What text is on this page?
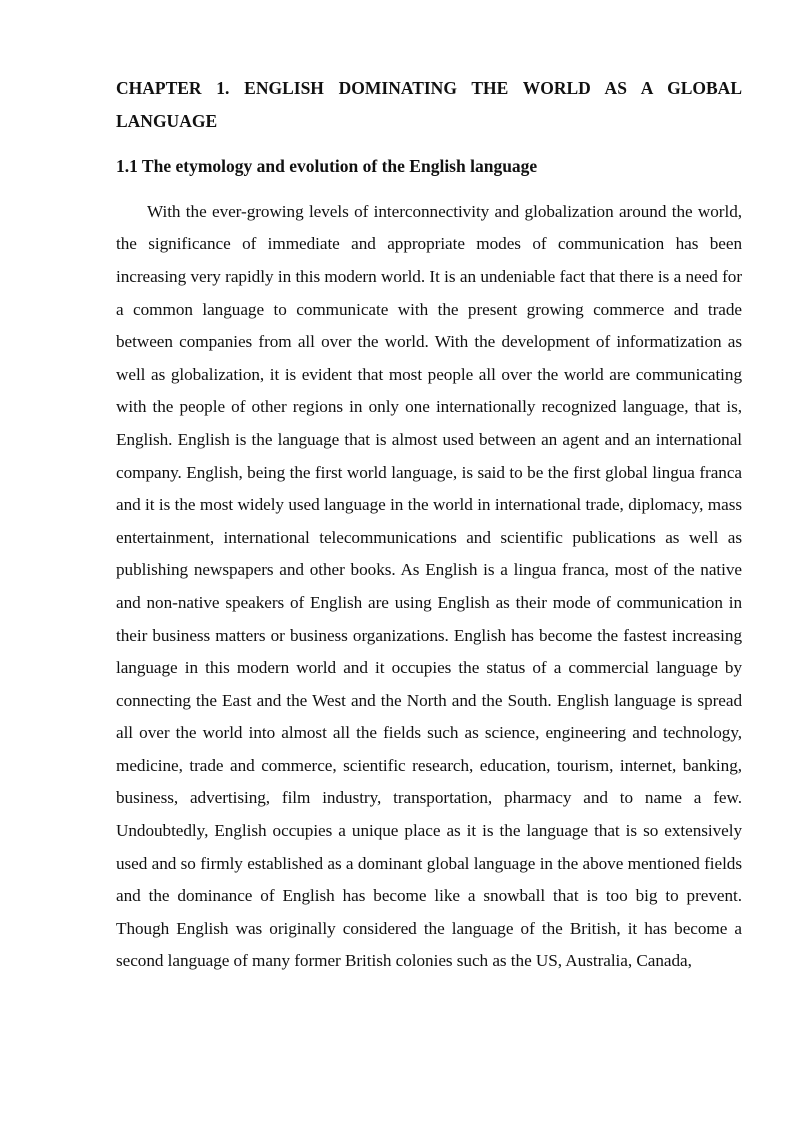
CHAPTER 1. ENGLISH DOMINATING THE WORLD AS A GLOBAL LANGUAGE
1.1 The etymology and evolution of the English language

With the ever-growing levels of interconnectivity and globalization around the world, the significance of immediate and appropriate modes of communication has been increasing very rapidly in this modern world. It is an undeniable fact that there is a need for a common language to communicate with the present growing commerce and trade between companies from all over the world. With the development of informatization as well as globalization, it is evident that most people all over the world are communicating with the people of other regions in only one internationally recognized language, that is, English. English is the language that is almost used between an agent and an international company. English, being the first world language, is said to be the first global lingua franca and it is the most widely used language in the world in international trade, diplomacy, mass entertainment, international telecommunications and scientific publications as well as publishing newspapers and other books. As English is a lingua franca, most of the native and non-native speakers of English are using English as their mode of communication in their business matters or business organizations. English has become the fastest increasing language in this modern world and it occupies the status of a commercial language by connecting the East and the West and the North and the South. English language is spread all over the world into almost all the fields such as science, engineering and technology, medicine, trade and commerce, scientific research, education, tourism, internet, banking, business, advertising, film industry, transportation, pharmacy and to name a few. Undoubtedly, English occupies a unique place as it is the language that is so extensively used and so firmly established as a dominant global language in the above mentioned fields and the dominance of English has become like a snowball that is too big to prevent. Though English was originally considered the language of the British, it has become a second language of many former British colonies such as the US, Australia, Canada,
